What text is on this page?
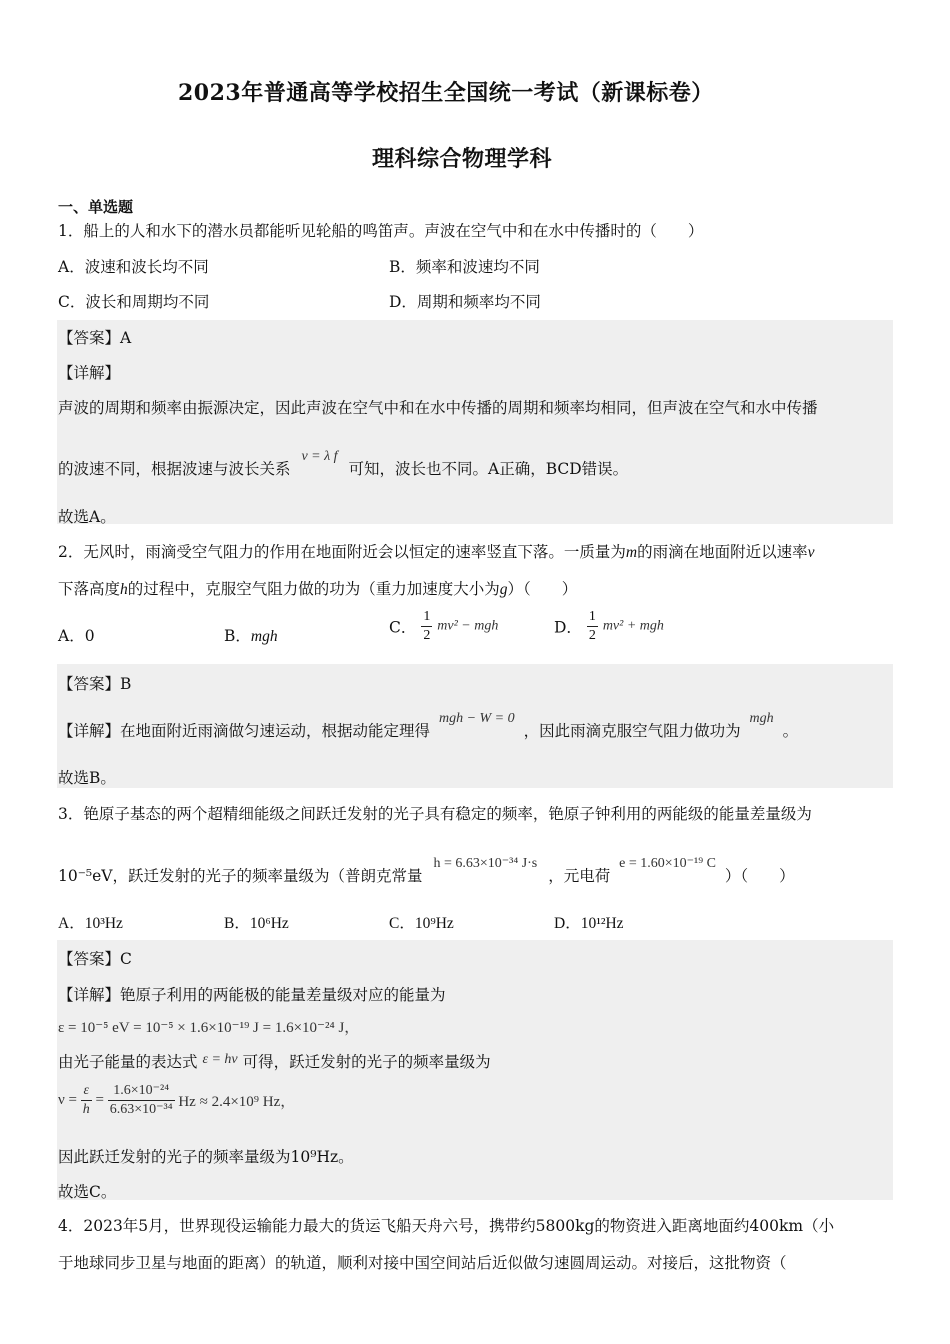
2023年普通高等学校招生全国统一考试（新课标卷）
理科综合物理学科
一、单选题
1．船上的人和水下的潜水员都能听见轮船的鸣笛声。声波在空气中和在水中传播时的（　　）
A．波速和波长均不同	B．频率和波速均不同
C．波长和周期均不同	D．周期和频率均不同
【答案】A
【详解】
声波的周期和频率由振源决定，因此声波在空气中和在水中传播的周期和频率均相同，但声波在空气和水中传播
的波速不同，根据波速与波长关系 v = λ f 可知，波长也不同。A正确，BCD错误。
故选A。
2．无风时，雨滴受空气阻力的作用在地面附近会以恒定的速率竖直下落。一质量为m的雨滴在地面附近以速率v
下落高度h的过程中，克服空气阻力做的功为（重力加速度大小为g）（　　）
A．0	B．mgh	C． $\frac{1}{2} mv^2$ − mgh	D． $\frac{1}{2} mv^2$ + mgh
【答案】B
【详解】在地面附近雨滴做匀速运动，根据动能定理得 mgh − W = 0 ，因此雨滴克服空气阻力做功为 mgh 。
故选B。
3．铯原子基态的两个超精细能级之间跃迁发射的光子具有稳定的频率，铯原子钟利用的两能级的能量差量级为
10⁻⁵eV，跃迁发射的光子的频率量级为（普朗克常量 h = 6.63×10⁻³⁴ J·s ，元电荷 e = 1.60×10⁻¹⁹ C ）（　　）
A．10³Hz	B．10⁶Hz	C．10⁹Hz	D．10¹²Hz
【答案】C
【详解】铯原子利用的两能极的能量差量级对应的能量为
ε = 10⁻⁵ eV = 10⁻⁵ × 1.6×10⁻¹⁹ J = 1.6×10⁻²⁴ J，
由光子能量的表达式 ε = hν 可得，跃迁发射的光子的频率量级为
$\nu = \frac{\varepsilon}{h} = \frac{\text{1.6×10⁻²⁴}}{\text{6.63×10⁻³⁴}}$ Hz ≈ 2.4×10⁹ Hz，
因此跃迁发射的光子的频率量级为10⁹Hz。
故选C。
4．2023年5月，世界现役运输能力最大的货运飞船天舟六号，携带约5800kg的物资进入距离地面约400km（小
于地球同步卫星与地面的距离）的轨道，顺利对接中国空间站后近似做匀速圆周运动。对接后，这批物资（
